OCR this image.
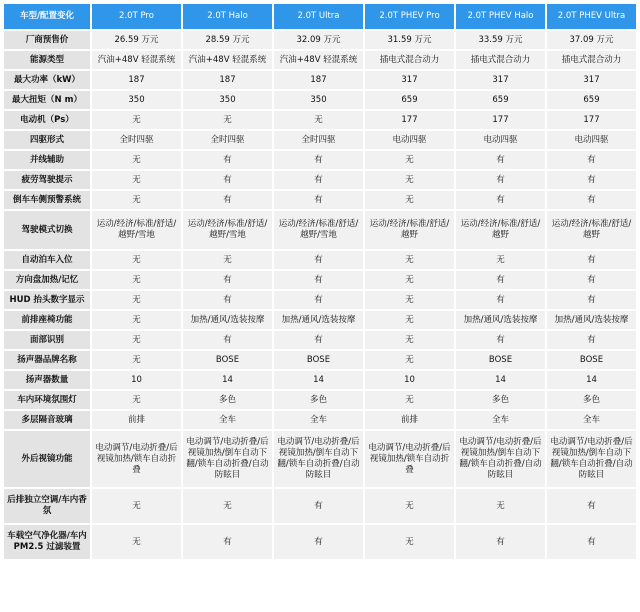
车型/配置变化	2.0T Pro	2.0T Halo	2.0T Ultra	2.0T PHEV Pro	2.0T PHEV Halo	2.0T PHEV Ultra
厂商预售价	26.59 万元	28.59 万元	32.09 万元	31.59 万元	33.59 万元	37.09 万元
能源类型	汽油+48V 轻混系统	汽油+48V 轻混系统	汽油+48V 轻混系统	插电式混合动力	插电式混合动力	插电式混合动力
最大功率（kW）	187	187	187	317	317	317
最大扭矩（N m）	350	350	350	659	659	659
电动机（Ps）	无	无	无	177	177	177
四驱形式	全时四驱	全时四驱	全时四驱	电动四驱	电动四驱	电动四驱
并线辅助	无	有	有	无	有	有
疲劳驾驶提示	无	有	有	无	有	有
倒车车侧预警系统	无	有	有	无	有	有
驾驶模式切换	运动/经济/标准/舒适/越野/雪地	运动/经济/标准/舒适/越野/雪地	运动/经济/标准/舒适/越野/雪地	运动/经济/标准/舒适/越野	运动/经济/标准/舒适/越野	运动/经济/标准/舒适/越野
自动泊车入位	无	无	有	无	无	有
方向盘加热/记忆	无	有	有	无	有	有
HUD 抬头数字显示	无	有	有	无	有	有
前排座椅功能	无	加热/通风/选装按摩	加热/通风/选装按摩	无	加热/通风/选装按摩	加热/通风/选装按摩
面部识别	无	有	有	无	有	有
扬声器品牌名称	无	BOSE	BOSE	无	BOSE	BOSE
扬声器数量	10	14	14	10	14	14
车内环境氛围灯	无	多色	多色	无	多色	多色
多层隔音玻璃	前排	全车	全车	前排	全车	全车
外后视镜功能	电动调节/电动折叠/后视镜加热/锁车自动折叠	电动调节/电动折叠/后视镜加热/倒车自动下翻/锁车自动折叠/自动防眩目	电动调节/电动折叠/后视镜加热/倒车自动下翻/锁车自动折叠/自动防眩目	电动调节/电动折叠/后视镜加热/锁车自动折叠	电动调节/电动折叠/后视镜加热/倒车自动下翻/锁车自动折叠/自动防眩目	电动调节/电动折叠/后视镜加热/倒车自动下翻/锁车自动折叠/自动防眩目
后排独立空调/车内香氛	无	无	有	无	无	有
车载空气净化器/车内 PM2.5 过滤装置	无	有	有	无	有	有
